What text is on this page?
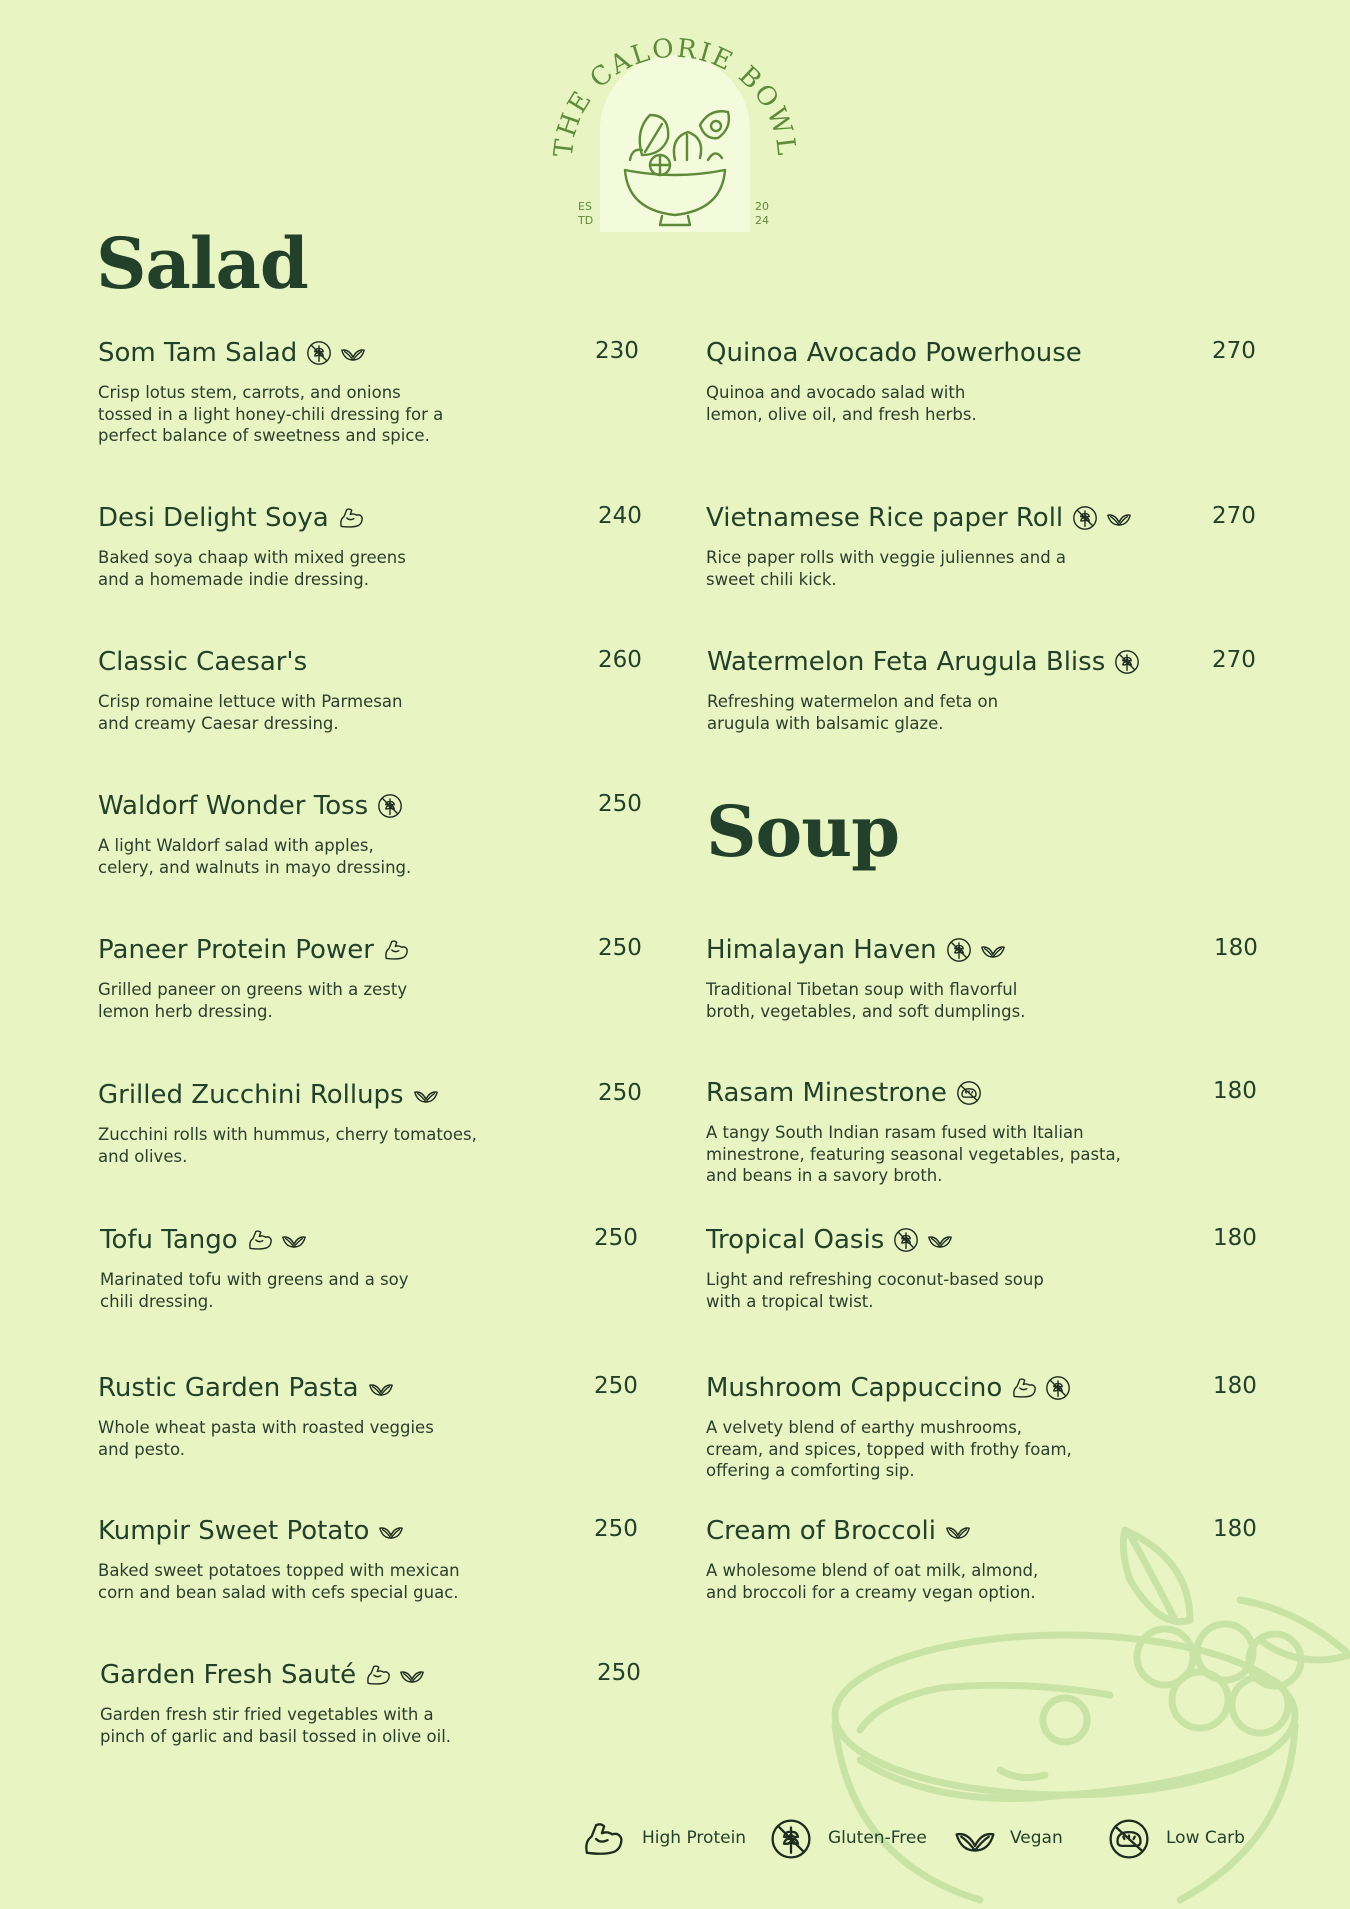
THE CALORIE BOWL
ES
TD
20
24
Salad
Soup
Som Tam Salad	230
Crisp lotus stem, carrots, and onions
tossed in a light honey-chili dressing for a
perfect balance of sweetness and spice.
Desi Delight Soya	240
Baked soya chaap with mixed greens
and a homemade indie dressing.
Classic Caesar's	260
Crisp romaine lettuce with Parmesan
and creamy Caesar dressing.
Waldorf Wonder Toss	250
A light Waldorf salad with apples,
celery, and walnuts in mayo dressing.
Paneer Protein Power	250
Grilled paneer on greens with a zesty
lemon herb dressing.
Grilled Zucchini Rollups	250
Zucchini rolls with hummus, cherry tomatoes,
and olives.
Tofu Tango	250
Marinated tofu with greens and a soy
chili dressing.
Rustic Garden Pasta	250
Whole wheat pasta with roasted veggies
and pesto.
Kumpir Sweet Potato	250
Baked sweet potatoes topped with mexican
corn and bean salad with cefs special guac.
Garden Fresh Sauté	250
Garden fresh stir fried vegetables with a
pinch of garlic and basil tossed in olive oil.
Quinoa Avocado Powerhouse	270
Quinoa and avocado salad with
lemon, olive oil, and fresh herbs.
Vietnamese Rice paper Roll	270
Rice paper rolls with veggie juliennes and a
sweet chili kick.
Watermelon Feta Arugula Bliss	270
Refreshing watermelon and feta on
arugula with balsamic glaze.
Himalayan Haven	180
Traditional Tibetan soup with flavorful
broth, vegetables, and soft dumplings.
Rasam Minestrone	180
A tangy South Indian rasam fused with Italian
minestrone, featuring seasonal vegetables, pasta,
and beans in a savory broth.
Tropical Oasis	180
Light and refreshing coconut-based soup
with a tropical twist.
Mushroom Cappuccino	180
A velvety blend of earthy mushrooms,
cream, and spices, topped with frothy foam,
offering a comforting sip.
Cream of Broccoli	180
A wholesome blend of oat milk, almond,
and broccoli for a creamy vegan option.
High Protein	Gluten-Free	Vegan	Low Carb
